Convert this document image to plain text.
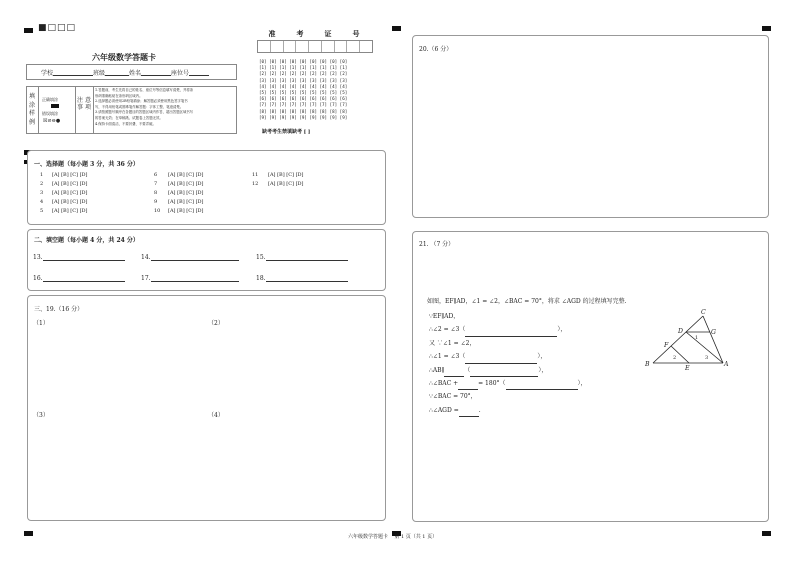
■□□□
六年级数学答题卡
准	考	证	号
[0] [0] [0] [0] [0] [0] [0] [0] [0]
[1] [1] [1] [1] [1] [1] [1] [1] [1]
[2] [2] [2] [2] [2] [2] [2] [2] [2]
[3] [3] [3] [3] [3] [3] [3] [3] [3]
[4] [4] [4] [4] [4] [4] [4] [4] [4]
[5] [5] [5] [5] [5] [5] [5] [5] [5]
[6] [6] [6] [6] [6] [6] [6] [6] [6]
[7] [7] [7] [7] [7] [7] [7] [7] [7]
[8] [8] [8] [8] [8] [8] [8] [8] [8]
[9] [9] [9] [9] [9] [9] [9] [9] [9]
缺考考生禁填缺考 [ ]
学校	班级	姓名	座位号
填
涂
样
例
正确填涂
错误填涂
☒⊘⊖●
注 意
事 项
1.答题前，考生先将自己的姓名、座位号等信息填写清楚，并将条
形码准确粘贴在条形码区域内。
2.选择题必须使用2B铅笔填涂；解答题必须使用黑色签字笔书
写，不得用铅笔或圆珠笔作解答题：字体工整、笔迹清楚。
3.请按照题号顺序在各题目的答题区域内作答，超出答题区域书写
的答案无效；在草稿纸、试题卷上答题无效。
4.保持卡面清洁，不要折叠、不要弄破。
一、选择题（每小题 3 分，共 36 分）
1 [A] [B] [C] [D]
2 [A] [B] [C] [D]
3 [A] [B] [C] [D]
4 [A] [B] [C] [D]
5 [A] [B] [C] [D]
6 [A] [B] [C] [D]
7 [A] [B] [C] [D]
8 [A] [B] [C] [D]
9 [A] [B] [C] [D]
10 [A] [B] [C] [D]
11 [A] [B] [C] [D]
12 [A] [B] [C] [D]
二、填空题（每小题 4 分，共 24 分）
13.	14.	15.
16.	17.	18.
三、19.（16 分）
（1）	（2）
（3）	（4）
20.（6 分）
21. （7 分）
如图，EF∥AD，∠1 = ∠2，∠BAC = 70°，将求 ∠AGD 的过程填写完整.
∵EF∥AD，
∴∠2 = ∠3（	），
又 ∵∠1 = ∠2，
∴∠1 = ∠3（	），
∴AB∥	（	），
∴∠BAC +	= 180°（	），
∵∠BAC = 70°，
∴∠AGD =	.
C
D	G
1
F
2	3
B
E
A
六年级数学答题卡    第 1 页（共 1 页）
